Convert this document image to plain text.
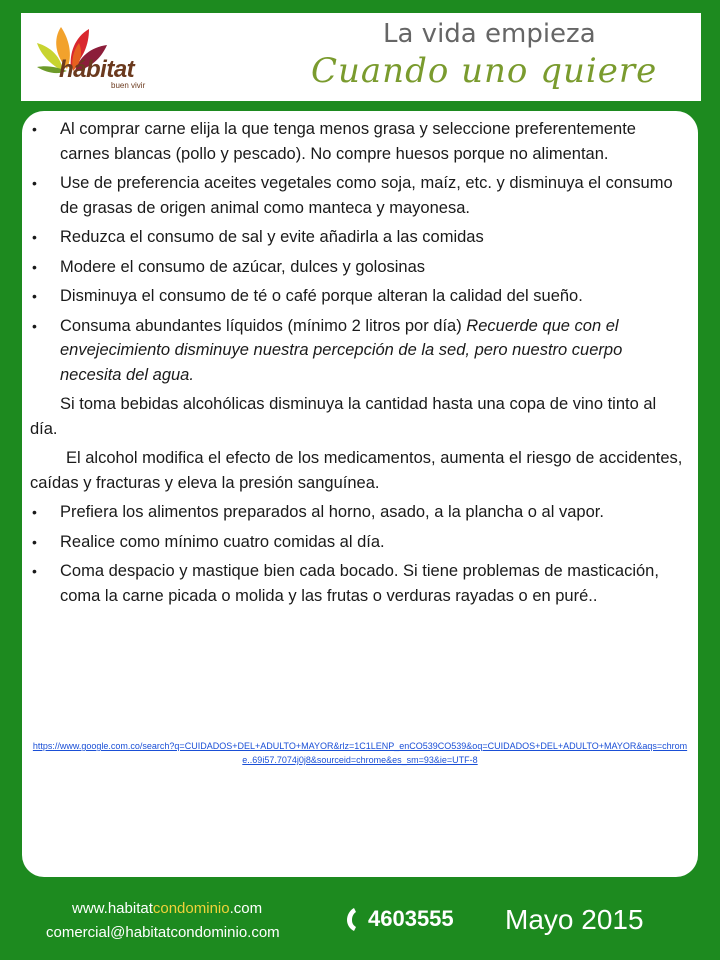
hábitat
buen vivir
La vida empieza
Cuando uno quiere
• Al comprar carne elija la que tenga menos grasa y seleccione preferentemente carnes blancas (pollo y pescado). No compre huesos porque no alimentan.
• Use de preferencia aceites vegetales como soja, maíz, etc. y disminuya el consumo de grasas de origen animal como manteca y mayonesa.
• Reduzca el consumo de sal y evite añadirla a las comidas
• Modere el consumo de azúcar, dulces y golosinas
• Disminuya el consumo de té o café porque alteran la calidad del sueño.
• Consuma abundantes líquidos (mínimo 2 litros por día) Recuerde que con el envejecimiento disminuye nuestra percepción de la sed, pero nuestro cuerpo necesita del agua.

Si toma bebidas alcohólicas disminuya la cantidad hasta una copa de vino tinto al día.

El alcohol modifica el efecto de los medicamentos, aumenta el riesgo de accidentes, caídas y fracturas y eleva la presión sanguínea.

• Prefiera los alimentos preparados al horno, asado, a la plancha o al vapor.
• Realice como mínimo cuatro comidas al día.
• Coma despacio y mastique bien cada bocado. Si tiene problemas de masticación, coma la carne picada o molida y las frutas o verduras rayadas o en puré..
https://www.google.com.co/search?q=CUIDADOS+DEL+ADULTO+MAYOR&rlz=1C1LENP_enCO539CO539&oq=CUIDADOS+DEL+ADULTO+MAYOR&aqs=chrome..69i57.7074j0j8&sourceid=chrome&es_sm=93&ie=UTF-8
www.habitatcondominio.com
comercial@habitatcondominio.com
4603555 Mayo 2015
